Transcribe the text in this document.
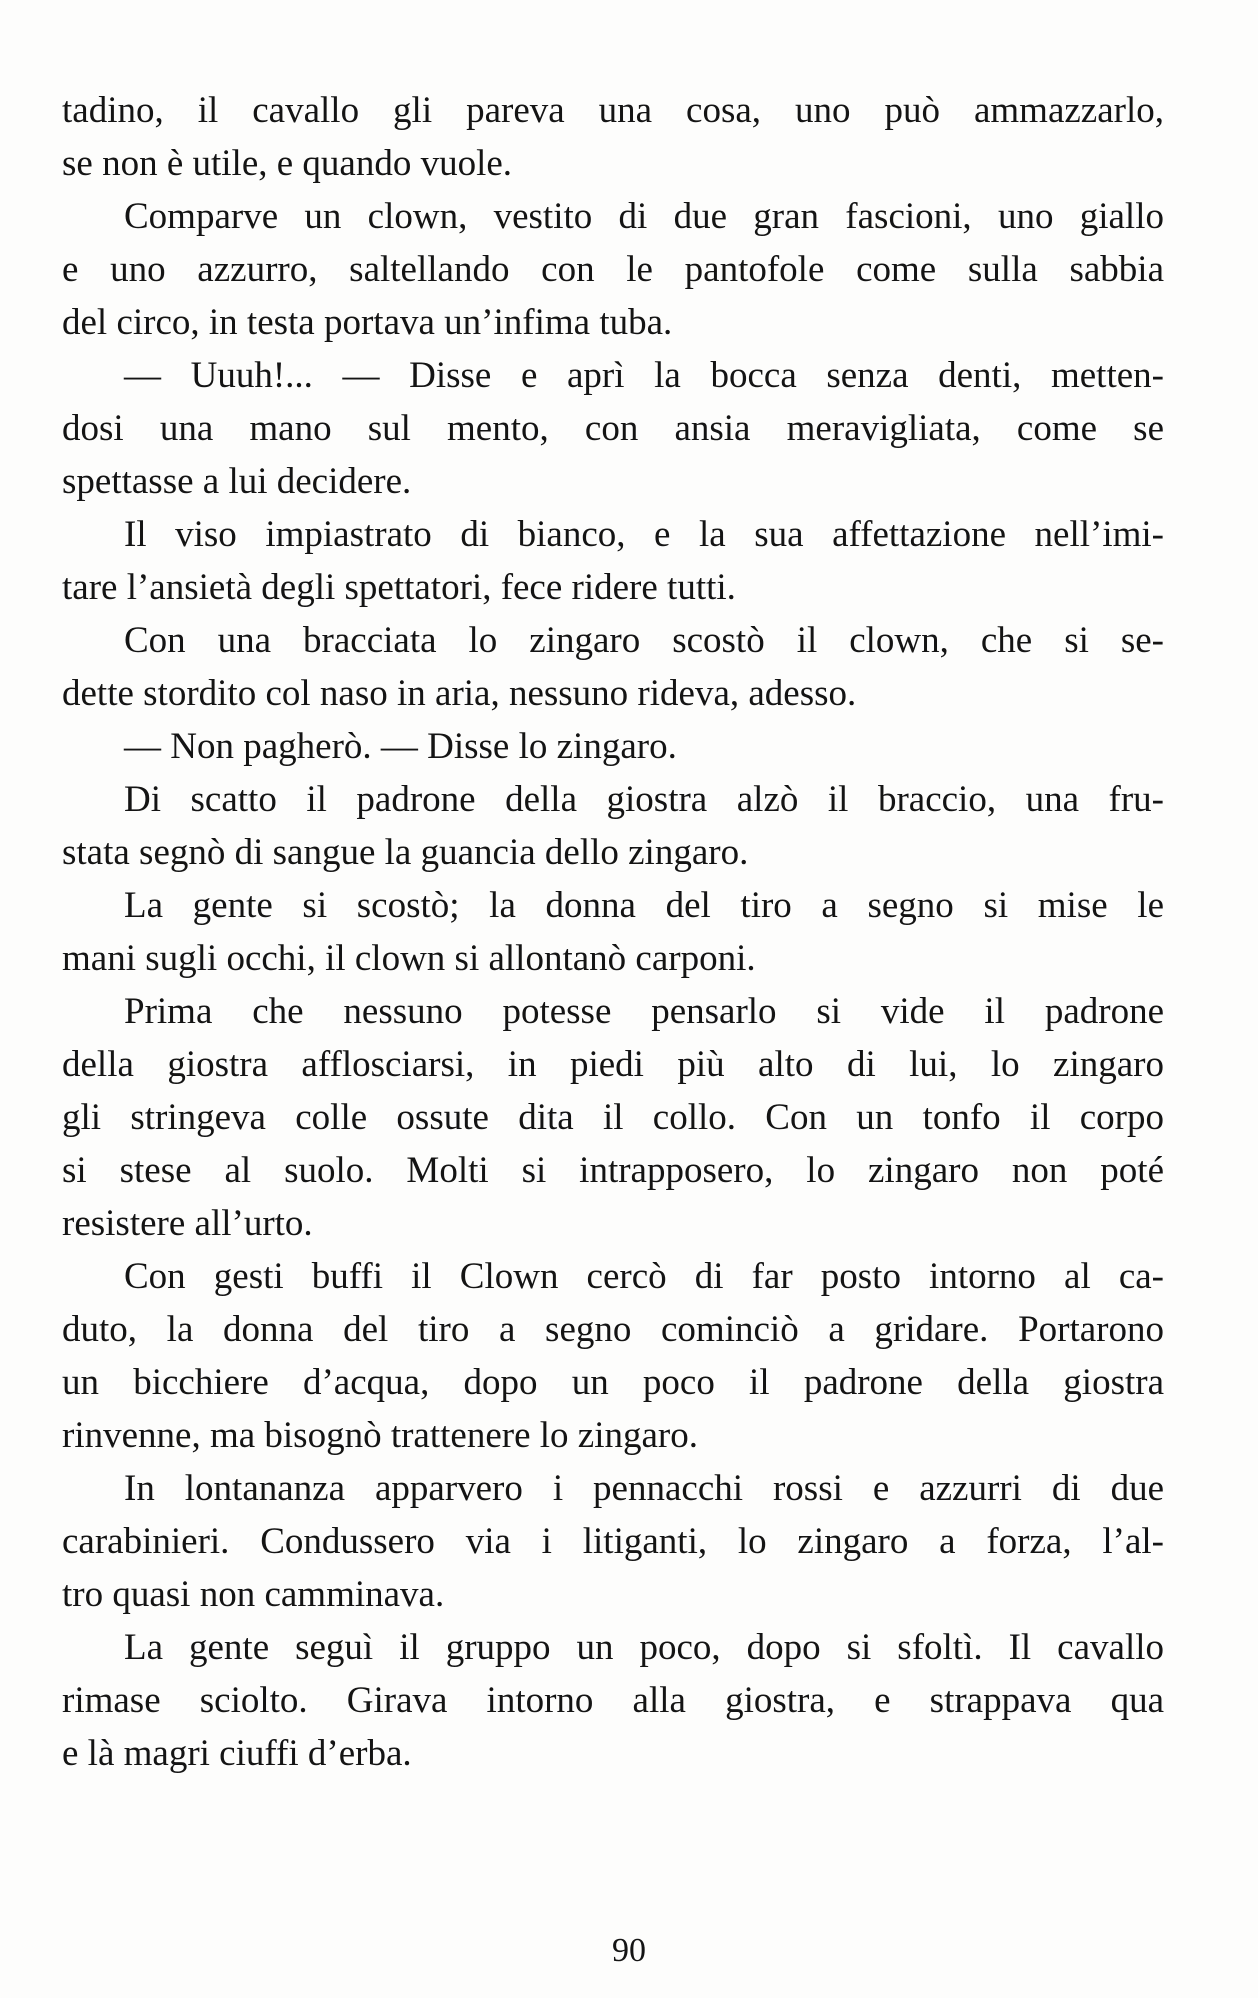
tadino, il cavallo gli pareva una cosa, uno può ammazzarlo,
se non è utile, e quando vuole.
Comparve un clown, vestito di due gran fascioni, uno giallo
e uno azzurro, saltellando con le pantofole come sulla sabbia
del circo, in testa portava un’infima tuba.
— Uuuh!... — Disse e aprì la bocca senza denti, metten-
dosi una mano sul mento, con ansia meravigliata, come se
spettasse a lui decidere.
Il viso impiastrato di bianco, e la sua affettazione nell’imi-
tare l’ansietà degli spettatori, fece ridere tutti.
Con una bracciata lo zingaro scostò il clown, che si se-
dette stordito col naso in aria, nessuno rideva, adesso.
— Non pagherò. — Disse lo zingaro.
Di scatto il padrone della giostra alzò il braccio, una fru-
stata segnò di sangue la guancia dello zingaro.
La gente si scostò; la donna del tiro a segno si mise le
mani sugli occhi, il clown si allontanò carponi.
Prima che nessuno potesse pensarlo si vide il padrone
della giostra afflosciarsi, in piedi più alto di lui, lo zingaro
gli stringeva colle ossute dita il collo. Con un tonfo il corpo
si stese al suolo. Molti si intrapposero, lo zingaro non poté
resistere all’urto.
Con gesti buffi il Clown cercò di far posto intorno al ca-
duto, la donna del tiro a segno cominciò a gridare. Portarono
un bicchiere d’acqua, dopo un poco il padrone della giostra
rinvenne, ma bisognò trattenere lo zingaro.
In lontananza apparvero i pennacchi rossi e azzurri di due
carabinieri. Condussero via i litiganti, lo zingaro a forza, l’al-
tro quasi non camminava.
La gente seguì il gruppo un poco, dopo si sfoltì. Il cavallo
rimase sciolto. Girava intorno alla giostra, e strappava qua
e là magri ciuffi d’erba.
90
